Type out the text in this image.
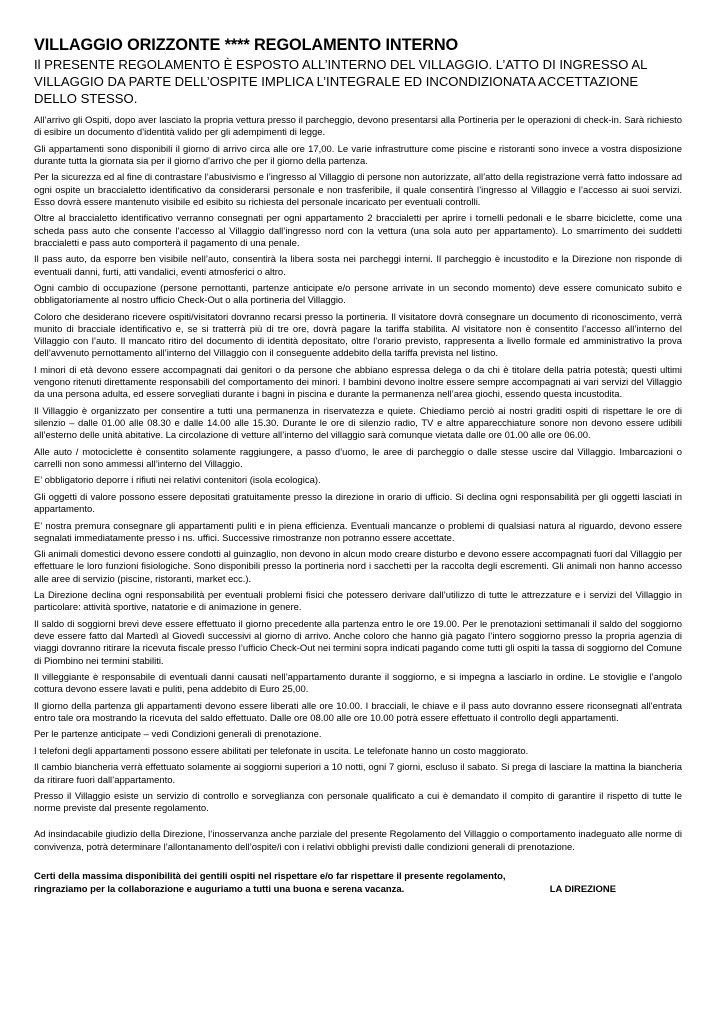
VILLAGGIO ORIZZONTE **** REGOLAMENTO INTERNO
Il PRESENTE REGOLAMENTO È ESPOSTO ALL’INTERNO DEL VILLAGGIO. L’ATTO DI INGRESSO AL VILLAGGIO DA PARTE DELL’OSPITE IMPLICA L’INTEGRALE ED INCONDIZIONATA ACCETTAZIONE DELLO STESSO.

All’arrivo gli Ospiti, dopo aver lasciato la propria vettura presso il parcheggio, devono presentarsi alla Portineria per le operazioni di check-in. Sarà richiesto di esibire un documento d’identità valido per gli adempimenti di legge.

Gli appartamenti sono disponibili il giorno di arrivo circa alle ore 17,00. Le varie infrastrutture come piscine e ristoranti sono invece a vostra disposizione durante tutta la giornata sia per il giorno d'arrivo che per il giorno della partenza.

Per la sicurezza ed al fine di contrastare l’abusivismo e l’ingresso al Villaggio di persone non autorizzate, all’atto della registrazione verrà fatto indossare ad ogni ospite un braccialetto identificativo da considerarsi personale e non trasferibile, il quale consentirà l’ingresso al Villaggio e l’accesso ai suoi servizi. Esso dovrà essere mantenuto visibile ed esibito su richiesta del personale incaricato per eventuali controlli.

Oltre al braccialetto identificativo verranno consegnati per ogni appartamento 2 braccialetti per aprire i tornelli pedonali e le sbarre biciclette, come una scheda pass auto che consente l’accesso al Villaggio dall’ingresso nord con la vettura (una sola auto per appartamento). Lo smarrimento dei suddetti braccialetti e pass auto comporterà il pagamento di una penale.

Il pass auto, da esporre ben visibile nell’auto, consentirà la libera sosta nei parcheggi interni. Il parcheggio è incustodito e la Direzione non risponde di eventuali danni, furti, atti vandalici, eventi atmosferici o altro.

Ogni cambio di occupazione (persone pernottanti, partenze anticipate e/o persone arrivate in un secondo momento) deve essere comunicato subito e obbligatoriamente al nostro ufficio Check-Out o alla portineria del Villaggio.

Coloro che desiderano ricevere ospiti/visitatori dovranno recarsi presso la portineria. Il visitatore dovrà consegnare un documento di riconoscimento, verrà munito di bracciale identificativo e, se si tratterrà più di tre ore, dovrà pagare la tariffa stabilita. Al visitatore non è consentito l’accesso all’interno del Villaggio con l’auto. Il mancato ritiro del documento di identità depositato, oltre l’orario previsto, rappresenta a livello formale ed amministrativo la prova dell’avvenuto pernottamento all’interno del Villaggio con il conseguente addebito della tariffa prevista nel listino.

I minori di età devono essere accompagnati dai genitori o da persone che abbiano espressa delega o da chi è titolare della patria potestà; questi ultimi vengono ritenuti direttamente responsabili del comportamento dei minori. I bambini devono inoltre essere sempre accompagnati ai vari servizi del Villaggio da una persona adulta, ed essere sorvegliati durante i bagni in piscina e durante la permanenza nell’area giochi, essendo questa incustodita.

Il Villaggio è organizzato per consentire a tutti una permanenza in riservatezza e quiete. Chiediamo perciò ai nostri graditi ospiti di rispettare le ore di silenzio – dalle 01.00 alle 08.30 e dalle 14.00 alle 15.30. Durante le ore di silenzio radio, TV e altre apparecchiature sonore non devono essere udibili all’esterno delle unità abitative. La circolazione di vetture all’interno del villaggio sarà comunque vietata dalle ore 01.00 alle ore 06.00.

Alle auto / motociclette è consentito solamente raggiungere, a passo d’uomo, le aree di parcheggio o dalle stesse uscire dal Villaggio. Imbarcazioni o carrelli non sono ammessi all’interno del Villaggio.

E’ obbligatorio deporre i rifiuti nei relativi contenitori (isola ecologica).

Gli oggetti di valore possono essere depositati gratuitamente presso la direzione in orario di ufficio. Si declina ogni responsabilità per gli oggetti lasciati in appartamento.

E’ nostra premura consegnare gli appartamenti puliti e in piena efficienza. Eventuali mancanze o problemi di qualsiasi natura al riguardo, devono essere segnalati immediatamente presso i ns. uffici. Successive rimostranze non potranno essere accettate.

Gli animali domestici devono essere condotti al guinzaglio, non devono in alcun modo creare disturbo e devono essere accompagnati fuori dal Villaggio per effettuare le loro funzioni fisiologiche. Sono disponibili presso la portineria nord i sacchetti per la raccolta degli escrementi. Gli animali non hanno accesso alle aree di servizio (piscine, ristoranti, market ecc.).

La Direzione declina ogni responsabilità per eventuali problemi fisici che potessero derivare dall’utilizzo di tutte le attrezzature e i servizi del Villaggio in particolare: attività sportive, natatorie e di animazione in genere.

Il saldo di soggiorni brevi deve essere effettuato il giorno precedente alla partenza entro le ore 19.00. Per le prenotazioni settimanali il saldo del soggiorno deve essere fatto dal Martedì al Giovedì successivi al giorno di arrivo. Anche coloro che hanno già pagato l’intero soggiorno presso la propria agenzia di viaggi dovranno ritirare la ricevuta fiscale presso l’ufficio Check-Out nei termini sopra indicati pagando come tutti gli ospiti la tassa di soggiorno del Comune di Piombino nei termini stabiliti.

Il villeggiante è responsabile di eventuali danni causati nell’appartamento durante il soggiorno, e si impegna a lasciarlo in ordine. Le stoviglie e l’angolo cottura devono essere lavati e puliti, pena addebito di Euro 25,00.

Il giorno della partenza gli appartamenti devono essere liberati alle ore 10.00. I bracciali, le chiave e il pass auto dovranno essere riconsegnati all’entrata entro tale ora mostrando la ricevuta del saldo effettuato. Dalle ore 08.00 alle ore 10.00 potrà essere effettuato il controllo degli appartamenti.

Per le partenze anticipate – vedi Condizioni generali di prenotazione.

I telefoni degli appartamenti possono essere abilitati per telefonate in uscita. Le telefonate hanno un costo maggiorato.

Il cambio biancheria verrà effettuato solamente ai soggiorni superiori a 10 notti, ogni 7 giorni, escluso il sabato. Si prega di lasciare la mattina la biancheria da ritirare fuori dall’appartamento.

Presso il Villaggio esiste un servizio di controllo e sorveglianza con personale qualificato a cui è demandato il compito di garantire il rispetto di tutte le norme previste dal presente regolamento.

Ad insindacabile giudizio della Direzione, l’inosservanza anche parziale del presente Regolamento del Villaggio o comportamento inadeguato alle norme di convivenza, potrà determinare l’allontanamento dell’ospite/i con i relativi obblighi previsti dalle condizioni generali di prenotazione.

Certi della massima disponibilità dei gentili ospiti nel rispettare e/o far rispettare il presente regolamento,
ringraziamo per la collaborazione e auguriamo a tutti una buona e serena vacanza.	LA DIREZIONE
